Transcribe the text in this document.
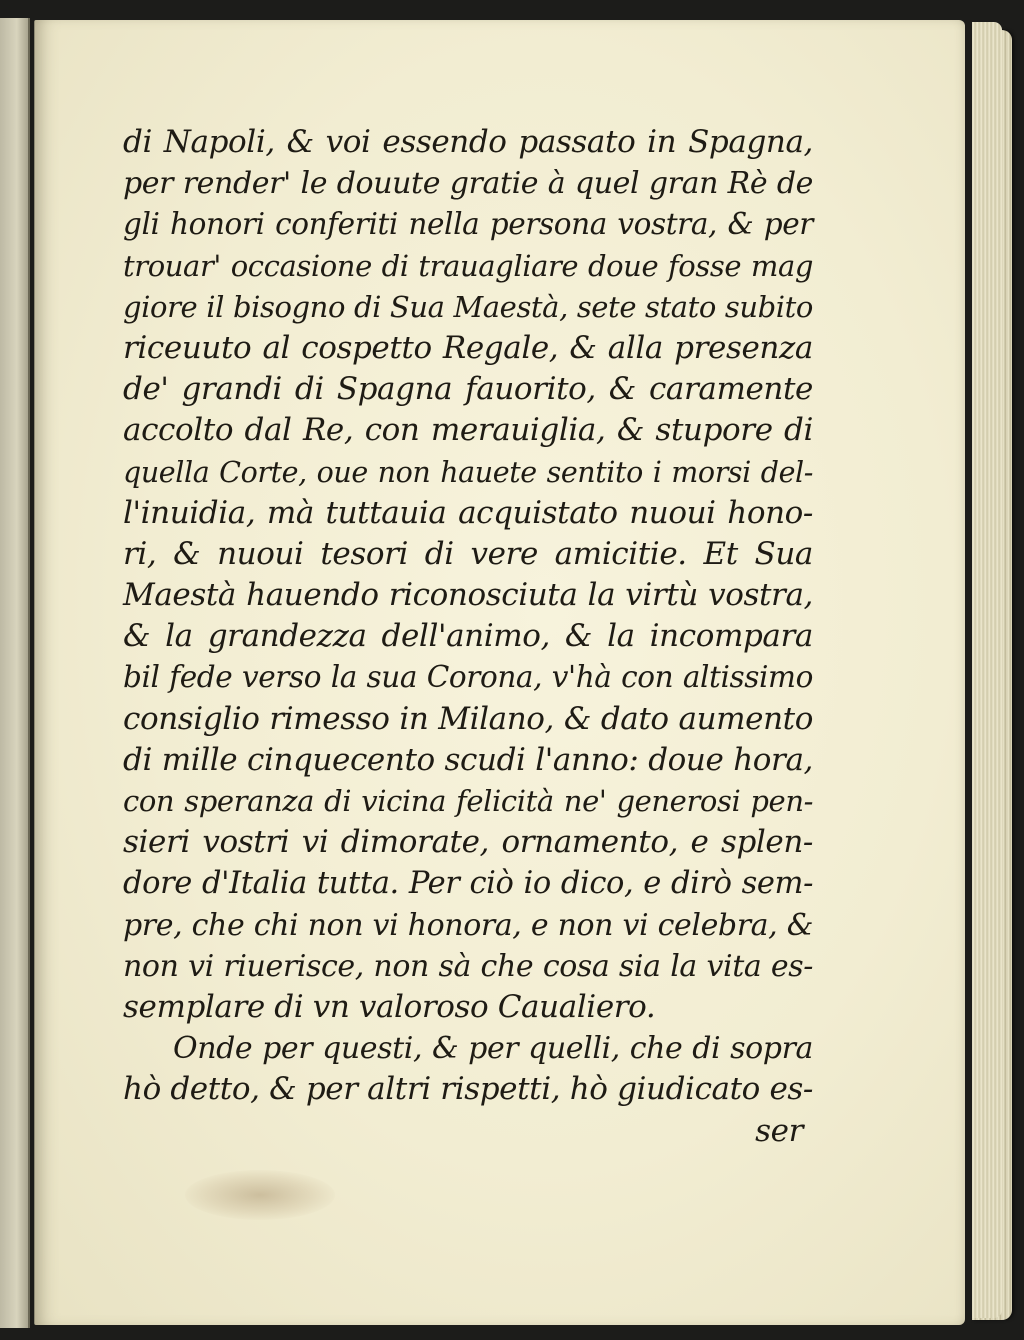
di Napoli, & voi essendo passato in Spagna,
per render' le douute gratie à quel gran Rè de
gli honori conferiti nella persona vostra, & per
trouar' occasione di trauagliare doue fosse mag
giore il bisogno di Sua Maestà, sete stato subito
riceuuto al cospetto Regale, & alla presenza
de' grandi di Spagna fauorito, & caramente
accolto dal Re, con merauiglia, & stupore di
quella Corte, oue non hauete sentito i morsi del-
l'inuidia, mà tuttauia acquistato nuoui hono-
ri, & nuoui tesori di vere amicitie. Et Sua
Maestà hauendo riconosciuta la virtù vostra,
& la grandezza dell'animo, & la incompara
bil fede verso la sua Corona, v'hà con altissimo
consiglio rimesso in Milano, & dato aumento
di mille cinquecento scudi l'anno: doue hora,
con speranza di vicina felicità ne' generosi pen-
sieri vostri vi dimorate, ornamento, e splen-
dore d'Italia tutta. Per ciò io dico, e dirò sem-
pre, che chi non vi honora, e non vi celebra, &
non vi riuerisce, non sà che cosa sia la vita es-
semplare di vn valoroso Caualiero.
Onde per questi, & per quelli, che di sopra
hò detto, & per altri rispetti, hò giudicato es-
ser
